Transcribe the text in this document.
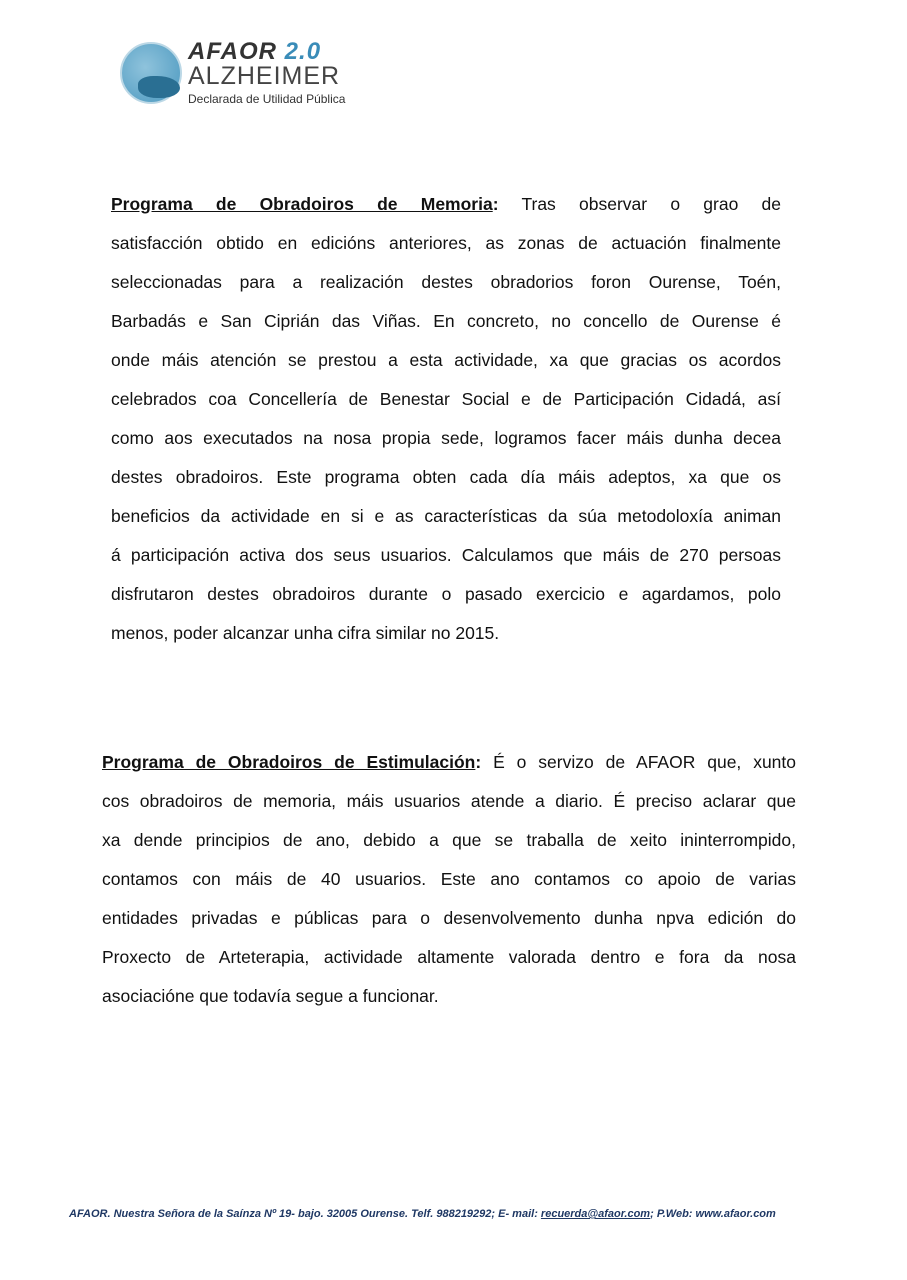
AFAOR 2.0
ALZHEIMER
Declarada de Utilidad Pública
Programa de Obradoiros de Memoria: Tras observar o grao de
satisfacción obtido en edicións anteriores, as zonas de actuación finalmente
seleccionadas para a realización destes obradorios foron Ourense, Toén,
Barbadás e San Ciprián das Viñas. En concreto, no concello de Ourense é
onde máis atención se prestou a esta actividade, xa que gracias os acordos
celebrados coa Concellería de Benestar Social e de Participación Cidadá, así
como aos executados na nosa propia sede, logramos facer máis dunha decea
destes obradoiros. Este programa obten cada día máis adeptos, xa que os
beneficios da actividade en si e as características da súa metodoloxía animan
á participación activa dos seus usuarios. Calculamos que máis de 270 persoas
disfrutaron destes obradoiros durante o pasado exercicio e agardamos, polo
menos, poder alcanzar unha cifra similar no 2015.
Programa de Obradoiros de Estimulación: É o servizo de AFAOR que, xunto
cos obradoiros de memoria, máis usuarios atende a diario. É preciso aclarar que
xa dende principios de ano, debido a que se traballa de xeito ininterrompido,
contamos con máis de 40 usuarios. Este ano contamos co apoio de varias
entidades privadas e públicas para o desenvolvemento dunha npva edición do
Proxecto de Arteterapia, actividade altamente valorada dentro e fora da nosa
asociacióne que todavía segue a funcionar.
AFAOR. Nuestra Señora de la Saínza Nº 19- bajo. 32005 Ourense. Telf. 988219292; E- mail: recuerda@afaor.com; P.Web: www.afaor.com
